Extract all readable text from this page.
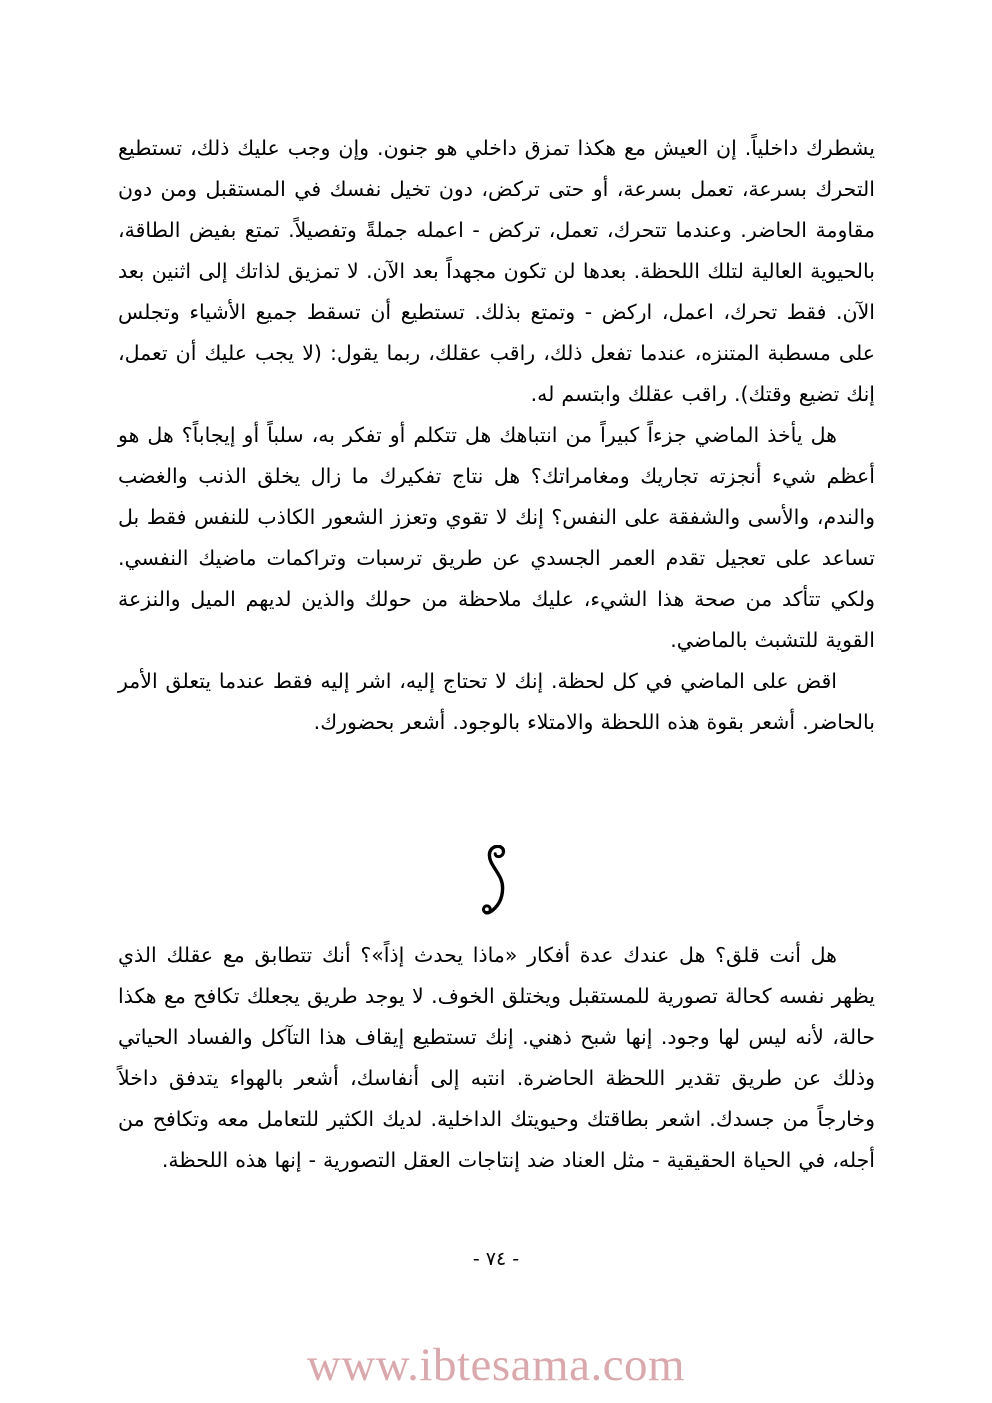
يشطرك داخلياً. إن العيش مع هكذا تمزق داخلي هو جنون. وإن وجب عليك ذلك، تستطيع التحرك بسرعة، تعمل بسرعة، أو حتى تركض، دون تخيل نفسك في المستقبل ومن دون مقاومة الحاضر. وعندما تتحرك، تعمل، تركض - اعمله جملةً وتفصيلاً. تمتع بفيض الطاقة، بالحيوية العالية لتلك اللحظة. بعدها لن تكون مجهداً بعد الآن. لا تمزيق لذاتك إلى اثنين بعد الآن. فقط تحرك، اعمل، اركض - وتمتع بذلك. تستطيع أن تسقط جميع الأشياء وتجلس على مسطبة المتنزه، عندما تفعل ذلك، راقب عقلك، ربما يقول: (لا يجب عليك أن تعمل، إنك تضيع وقتك). راقب عقلك وابتسم له.

هل يأخذ الماضي جزءاً كبيراً من انتباهك هل تتكلم أو تفكر به، سلباً أو إيجاباً؟ هل هو أعظم شيء أنجزته تجاريك ومغامراتك؟ هل نتاج تفكيرك ما زال يخلق الذنب والغضب والندم، والأسى والشفقة على النفس؟ إنك لا تقوي وتعزز الشعور الكاذب للنفس فقط بل تساعد على تعجيل تقدم العمر الجسدي عن طريق ترسبات وتراكمات ماضيك النفسي. ولكي تتأكد من صحة هذا الشيء، عليك ملاحظة من حولك والذين لديهم الميل والنزعة القوية للتشبث بالماضي.

اقض على الماضي في كل لحظة. إنك لا تحتاج إليه، اشر إليه فقط عندما يتعلق الأمر بالحاضر. أشعر بقوة هذه اللحظة والامتلاء بالوجود. أشعر بحضورك.

هل أنت قلق؟ هل عندك عدة أفكار «ماذا يحدث إذاً»؟ أنك تتطابق مع عقلك الذي يظهر نفسه كحالة تصورية للمستقبل ويختلق الخوف. لا يوجد طريق يجعلك تكافح مع هكذا حالة، لأنه ليس لها وجود. إنها شبح ذهني. إنك تستطيع إيقاف هذا التآكل والفساد الحياتي وذلك عن طريق تقدير اللحظة الحاضرة. انتبه إلى أنفاسك، أشعر بالهواء يتدفق داخلاً وخارجاً من جسدك. اشعر بطاقتك وحيويتك الداخلية. لديك الكثير للتعامل معه وتكافح من أجله، في الحياة الحقيقية - مثل العناد ضد إنتاجات العقل التصورية - إنها هذه اللحظة.

- ٧٤ -
www.ibtesama.com
